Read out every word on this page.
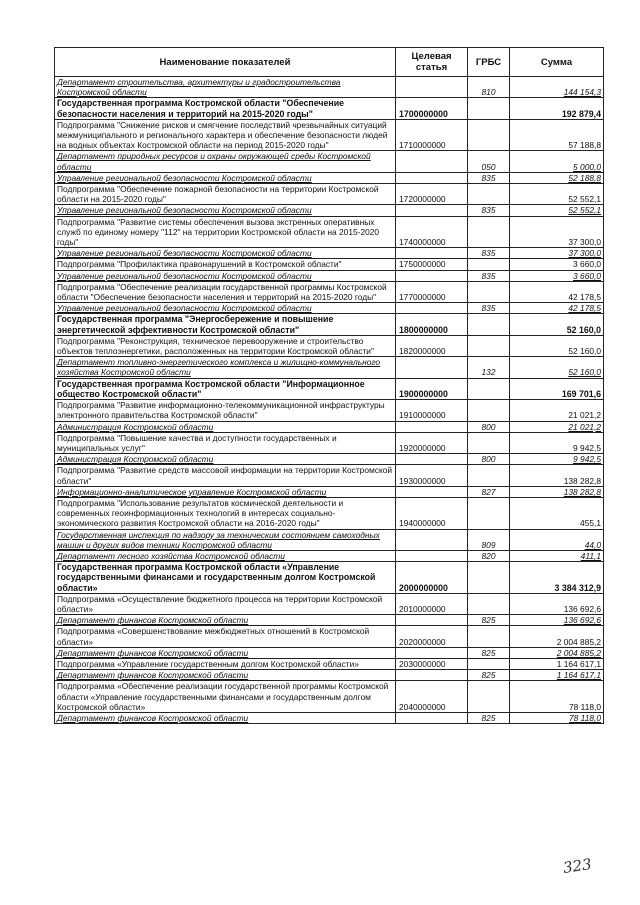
Наименование показателей	Целевая статья	ГРБС	Сумма
Департамент строительства, архитектуры и градостроительства Костромской области		810	144 154,3
Государственная программа Костромской области "Обеспечение безопасности населения и территорий на 2015-2020 годы"	1700000000		192 879,4
Подпрограмма "Снижение рисков и смягчение последствий чрезвычайных ситуаций межмуниципального и регионального характера и обеспечение безопасности людей на водных объектах Костромской области на период 2015-2020 годы"	1710000000		57 188,8
Департамент природных ресурсов и охраны окружающей среды Костромской области		050	5 000,0
Управление региональной безопасности Костромской области		835	52 188,8
Подпрограмма "Обеспечение пожарной безопасности на территории Костромской области на 2015-2020 годы"	1720000000		52 552,1
Управление региональной безопасности Костромской области		835	52 552,1
Подпрограмма "Развитие системы обеспечения вызова экстренных оперативных служб по единому номеру "112" на территории Костромской области на 2015-2020 годы"	1740000000		37 300,0
Управление региональной безопасности Костромской области		835	37 300,0
Подпрограмма "Профилактика правонарушений в Костромской области"	1750000000		3 660,0
Управление региональной безопасности Костромской области		835	3 660,0
Подпрограмма "Обеспечение реализации государственной программы Костромской области "Обеспечение безопасности населения и территорий на 2015-2020 годы"	1770000000		42 178,5
Управление региональной безопасности Костромской области		835	42 178,5
Государственная программа "Энергосбережение и повышение энергетической эффективности Костромской области"	1800000000		52 160,0
Подпрограмма "Реконструкция, техническое перевооружение и строительство объектов теплоэнергетики, расположенных на территории Костромской области"	1820000000		52 160,0
Департамент топливно-энергетического комплекса и жилищно-коммунального хозяйства Костромской области		132	52 160,0
Государственная программа Костромской области "Информационное общество Костромской области"	1900000000		169 701,6
Подпрограмма "Развитие информационно-телекоммуникационной инфраструктуры электронного правительства Костромской области"	1910000000		21 021,2
Администрация Костромской области		800	21 021,2
Подпрограмма "Повышение качества и доступности государственных и муниципальных услуг"	1920000000		9 942,5
Администрация Костромской области		800	9 942,5
Подпрограмма "Развитие средств массовой информации на территории Костромской области"	1930000000		138 282,8
Информационно-аналитическое управление Костромской области		827	138 282,8
Подпрограмма "Использование результатов космической деятельности и современных геоинформационных технологий в интересах социально-экономического развития Костромской области на 2016-2020 годы"	1940000000		455,1
Государственная инспекция по надзору за техническим состоянием самоходных машин и других видов техники Костромской области		809	44,0
Департамент лесного хозяйства Костромской области		820	411,1
Государственная программа Костромской области «Управление государственными финансами и государственным долгом Костромской области»	2000000000		3 384 312,9
Подпрограмма «Осуществление бюджетного процесса на территории Костромской области»	2010000000		136 692,6
Департамент финансов Костромской области		825	136 692,6
Подпрограмма «Совершенствование межбюджетных отношений в Костромской области»	2020000000		2 004 885,2
Департамент финансов Костромской области		825	2 004 885,2
Подпрограмма «Управление государственным долгом Костромской области»	2030000000		1 164 617,1
Департамент финансов Костромской области		825	1 164 617,1
Подпрограмма «Обеспечение реализации государственной программы Костромской области «Управление государственными финансами и государственным долгом Костромской области»	2040000000		78 118,0
Департамент финансов Костромской области		825	78 118,0
323
